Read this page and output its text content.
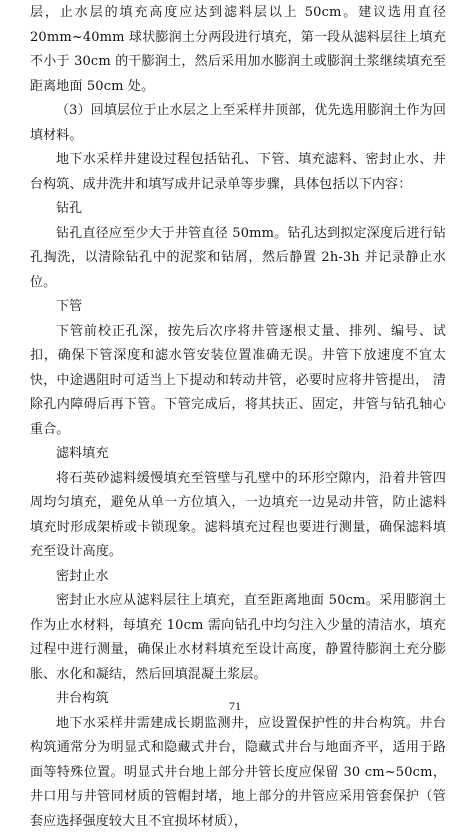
层，止水层的填充高度应达到滤料层以上 50cm。建议选用直径 20mm~40mm 球状膨润土分两段进行填充，第一段从滤料层往上填充不小于 30cm 的干膨润土，然后采用加水膨润土或膨润土浆继续填充至距离地面 50cm 处。

（3）回填层位于止水层之上至采样井顶部，优先选用膨润土作为回填材料。

地下水采样井建设过程包括钻孔、下管、填充滤料、密封止水、井台构筑、成井洗井和填写成井记录单等步骤，具体包括以下内容：

钻孔

钻孔直径应至少大于井管直径 50mm。钻孔达到拟定深度后进行钻孔掏洗，以清除钻孔中的泥浆和钻屑，然后静置 2h-3h 并记录静止水位。

下管

下管前校正孔深，按先后次序将井管逐根丈量、排列、编号、试扣，确保下管深度和滤水管安装位置准确无误。井管下放速度不宜太快，中途遇阻时可适当上下提动和转动井管，必要时应将井管提出， 清除孔内障碍后再下管。下管完成后，将其扶正、固定，井管与钻孔轴心重合。

滤料填充

将石英砂滤料缓慢填充至管壁与孔壁中的环形空隙内，沿着井管四周均匀填充，避免从单一方位填入，一边填充一边晃动井管，防止滤料填充时形成架桥或卡锁现象。滤料填充过程也要进行测量，确保滤料填充至设计高度。

密封止水

密封止水应从滤料层往上填充，直至距离地面 50cm。采用膨润土作为止水材料，每填充 10cm 需向钻孔中均匀注入少量的清洁水，填充过程中进行测量，确保止水材料填充至设计高度，静置待膨润土充分膨胀、水化和凝结，然后回填混凝土浆层。

井台构筑

地下水采样井需建成长期监测井，应设置保护性的井台构筑。井台构筑通常分为明显式和隐藏式井台，隐藏式井台与地面齐平，适用于路面等特殊位置。明显式井台地上部分井管长度应保留 30 cm~50cm， 井口用与井管同材质的管帽封堵，地上部分的井管应采用管套保护（管套应选择强度较大且不宜损坏材质），

71
